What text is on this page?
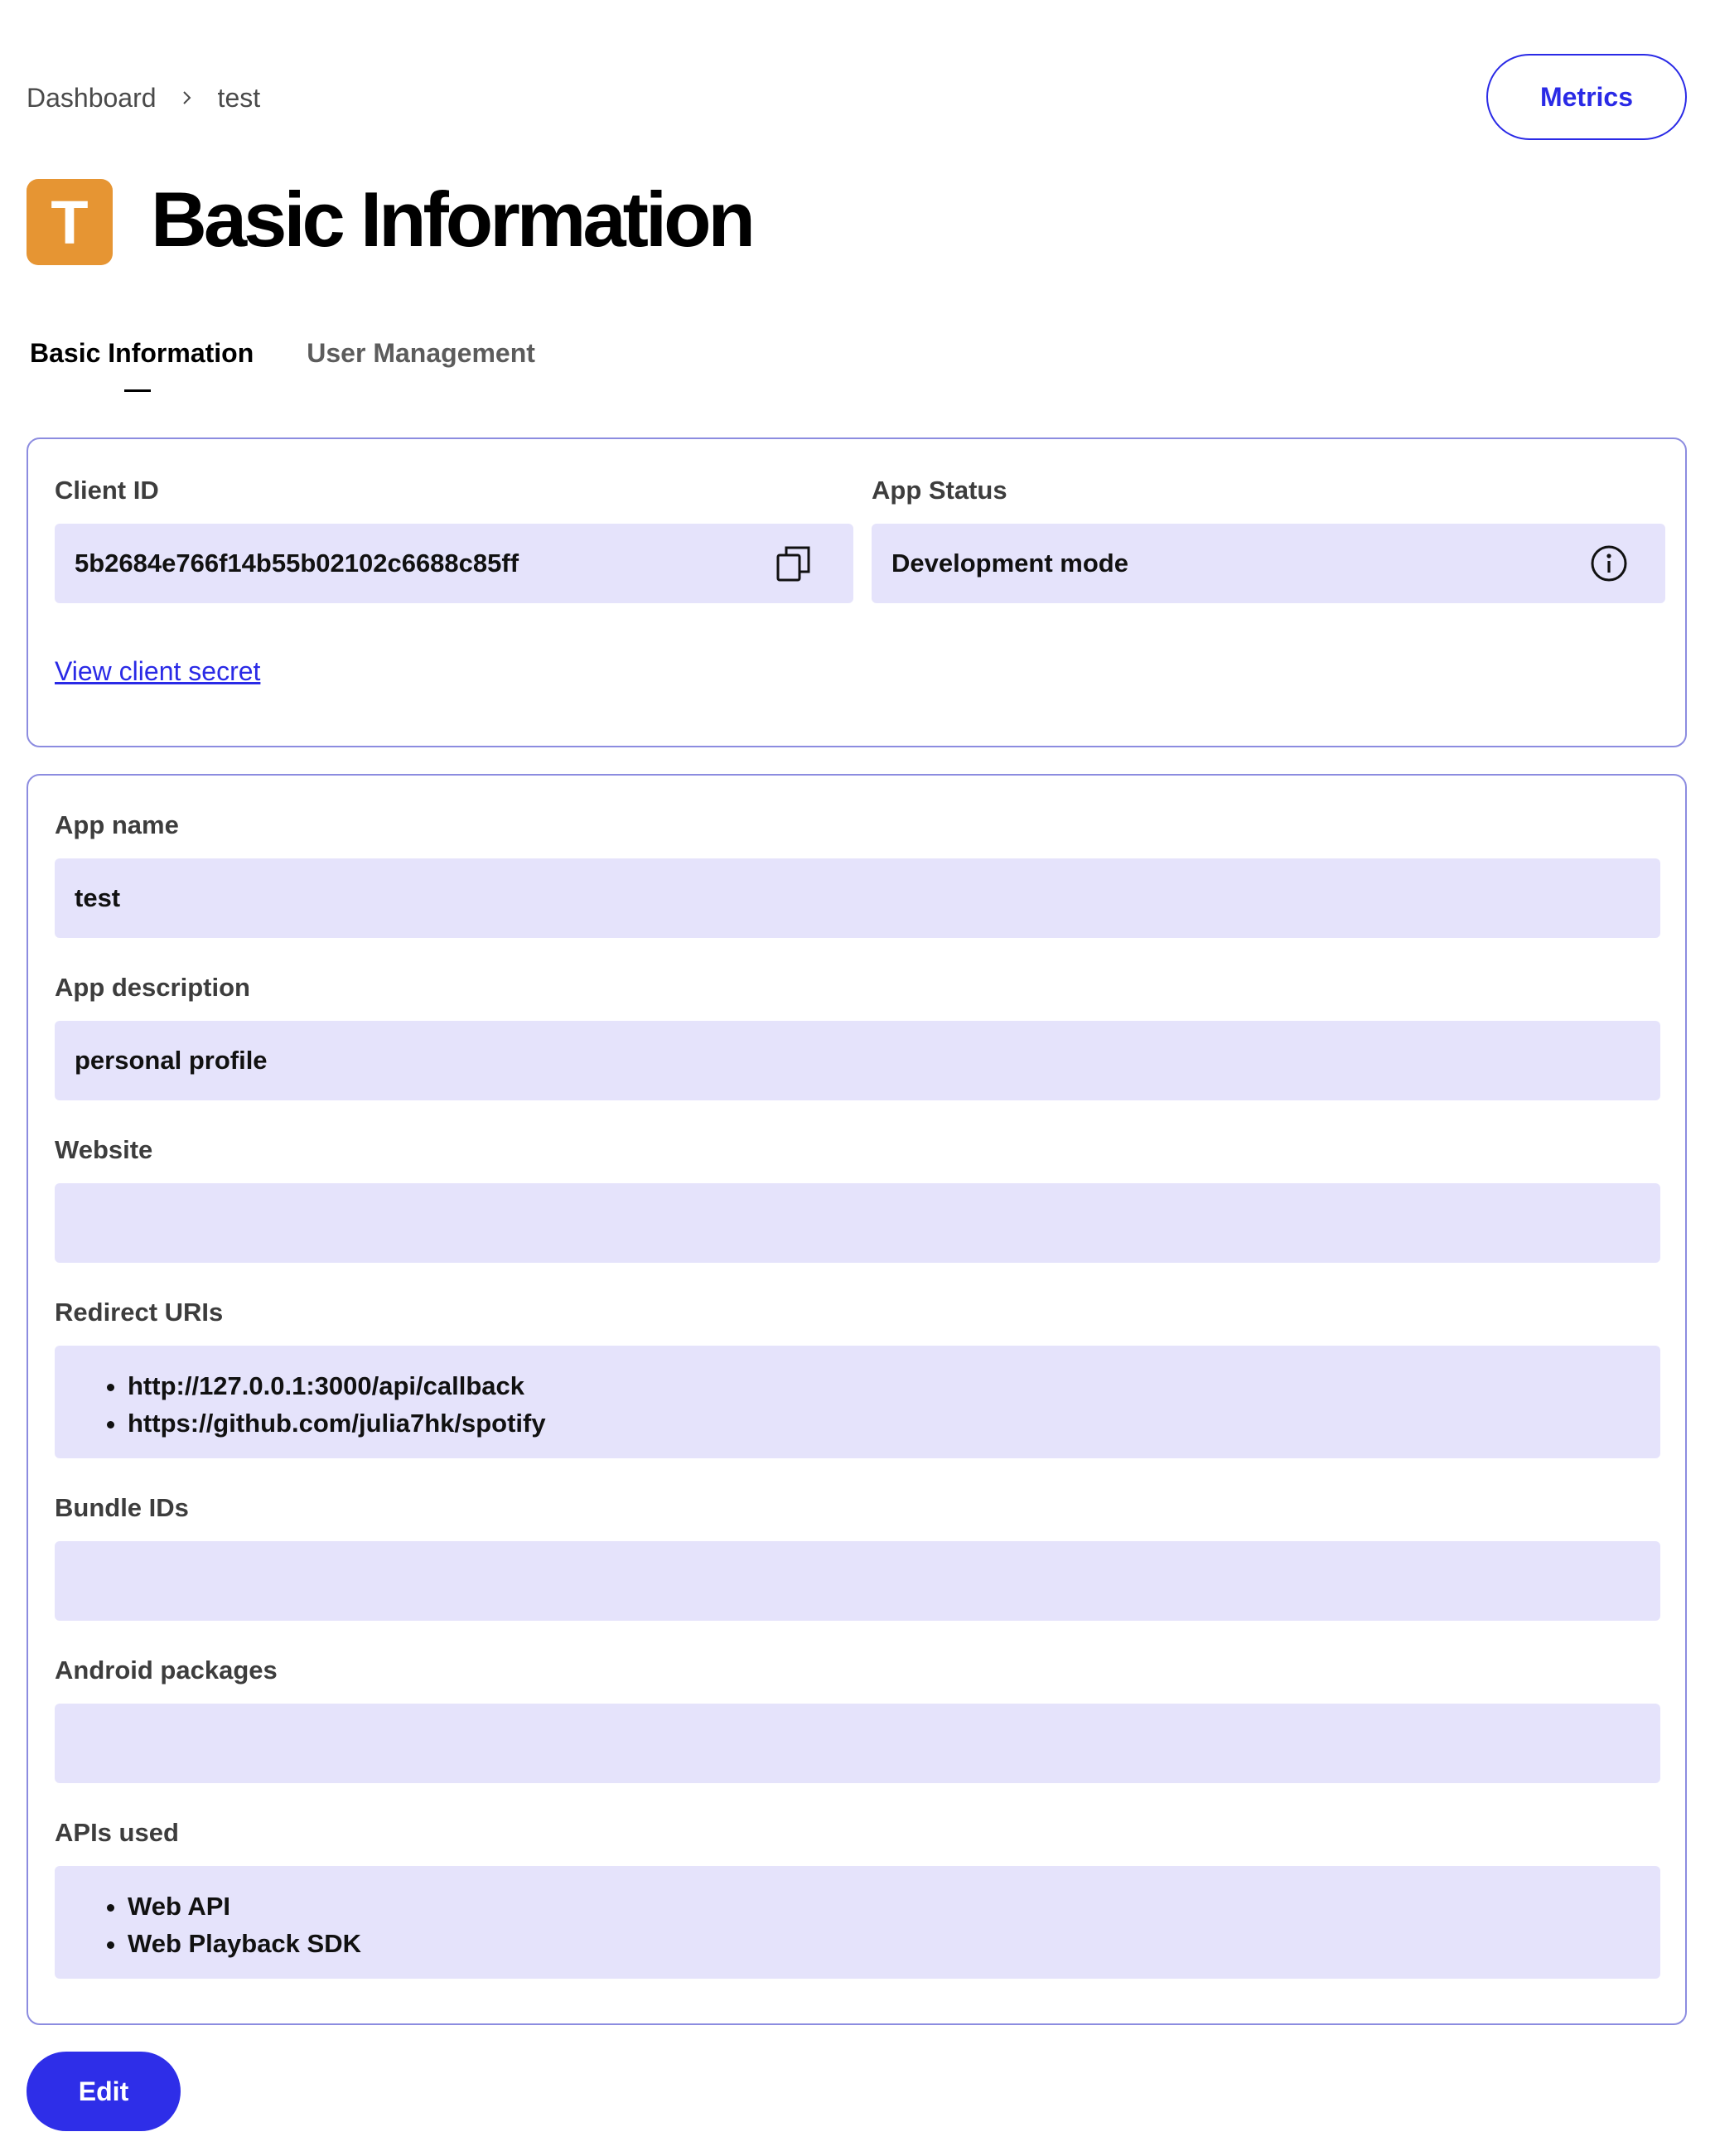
Dashboard test	Metrics
T Basic Information
Basic Information User Management
Client ID
5b2684e766f14b55b02102c6688c85ff
App Status
Development mode
View client secret
App name
test
App description
personal profile
Website
Redirect URIs
• http://127.0.0.1:3000/api/callback
• https://github.com/julia7hk/spotify
Bundle IDs
Android packages
APIs used
• Web API
• Web Playback SDK
Edit
